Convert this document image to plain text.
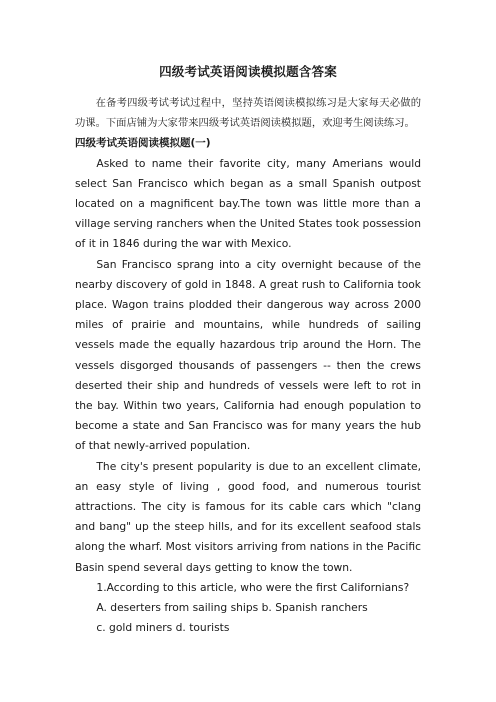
四级考试英语阅读模拟题含答案

在备考四级考试考试过程中，坚持英语阅读模拟练习是大家每天必做的功课。下面店铺为大家带来四级考试英语阅读模拟题，欢迎考生阅读练习。

四级考试英语阅读模拟题(一)

Asked to name their favorite city, many Amerians would select San Francisco which began as a small Spanish outpost located on a magnificent bay.The town was little more than a village serving ranchers when the United States took possession of it in 1846 during the war with Mexico.

San Francisco sprang into a city overnight because of the nearby discovery of gold in 1848. A great rush to California took place. Wagon trains plodded their dangerous way across 2000 miles of prairie and mountains, while hundreds of sailing vessels made the equally hazardous trip around the Horn. The vessels disgorged thousands of passengers -- then the crews deserted their ship and hundreds of vessels were left to rot in the bay. Within two years, California had enough population to become a state and San Francisco was for many years the hub of that newly-arrived population.

The city's present popularity is due to an excellent climate, an easy style of living , good food, and numerous tourist attractions. The city is famous for its cable cars which "clang and bang" up the steep hills, and for its excellent seafood stals along the wharf. Most visitors arriving from nations in the Pacific Basin spend several days getting to know the town.

1.According to this article, who were the first Californians?

A. deserters from sailing ships b. Spanish ranchers

c. gold miners d. tourists
